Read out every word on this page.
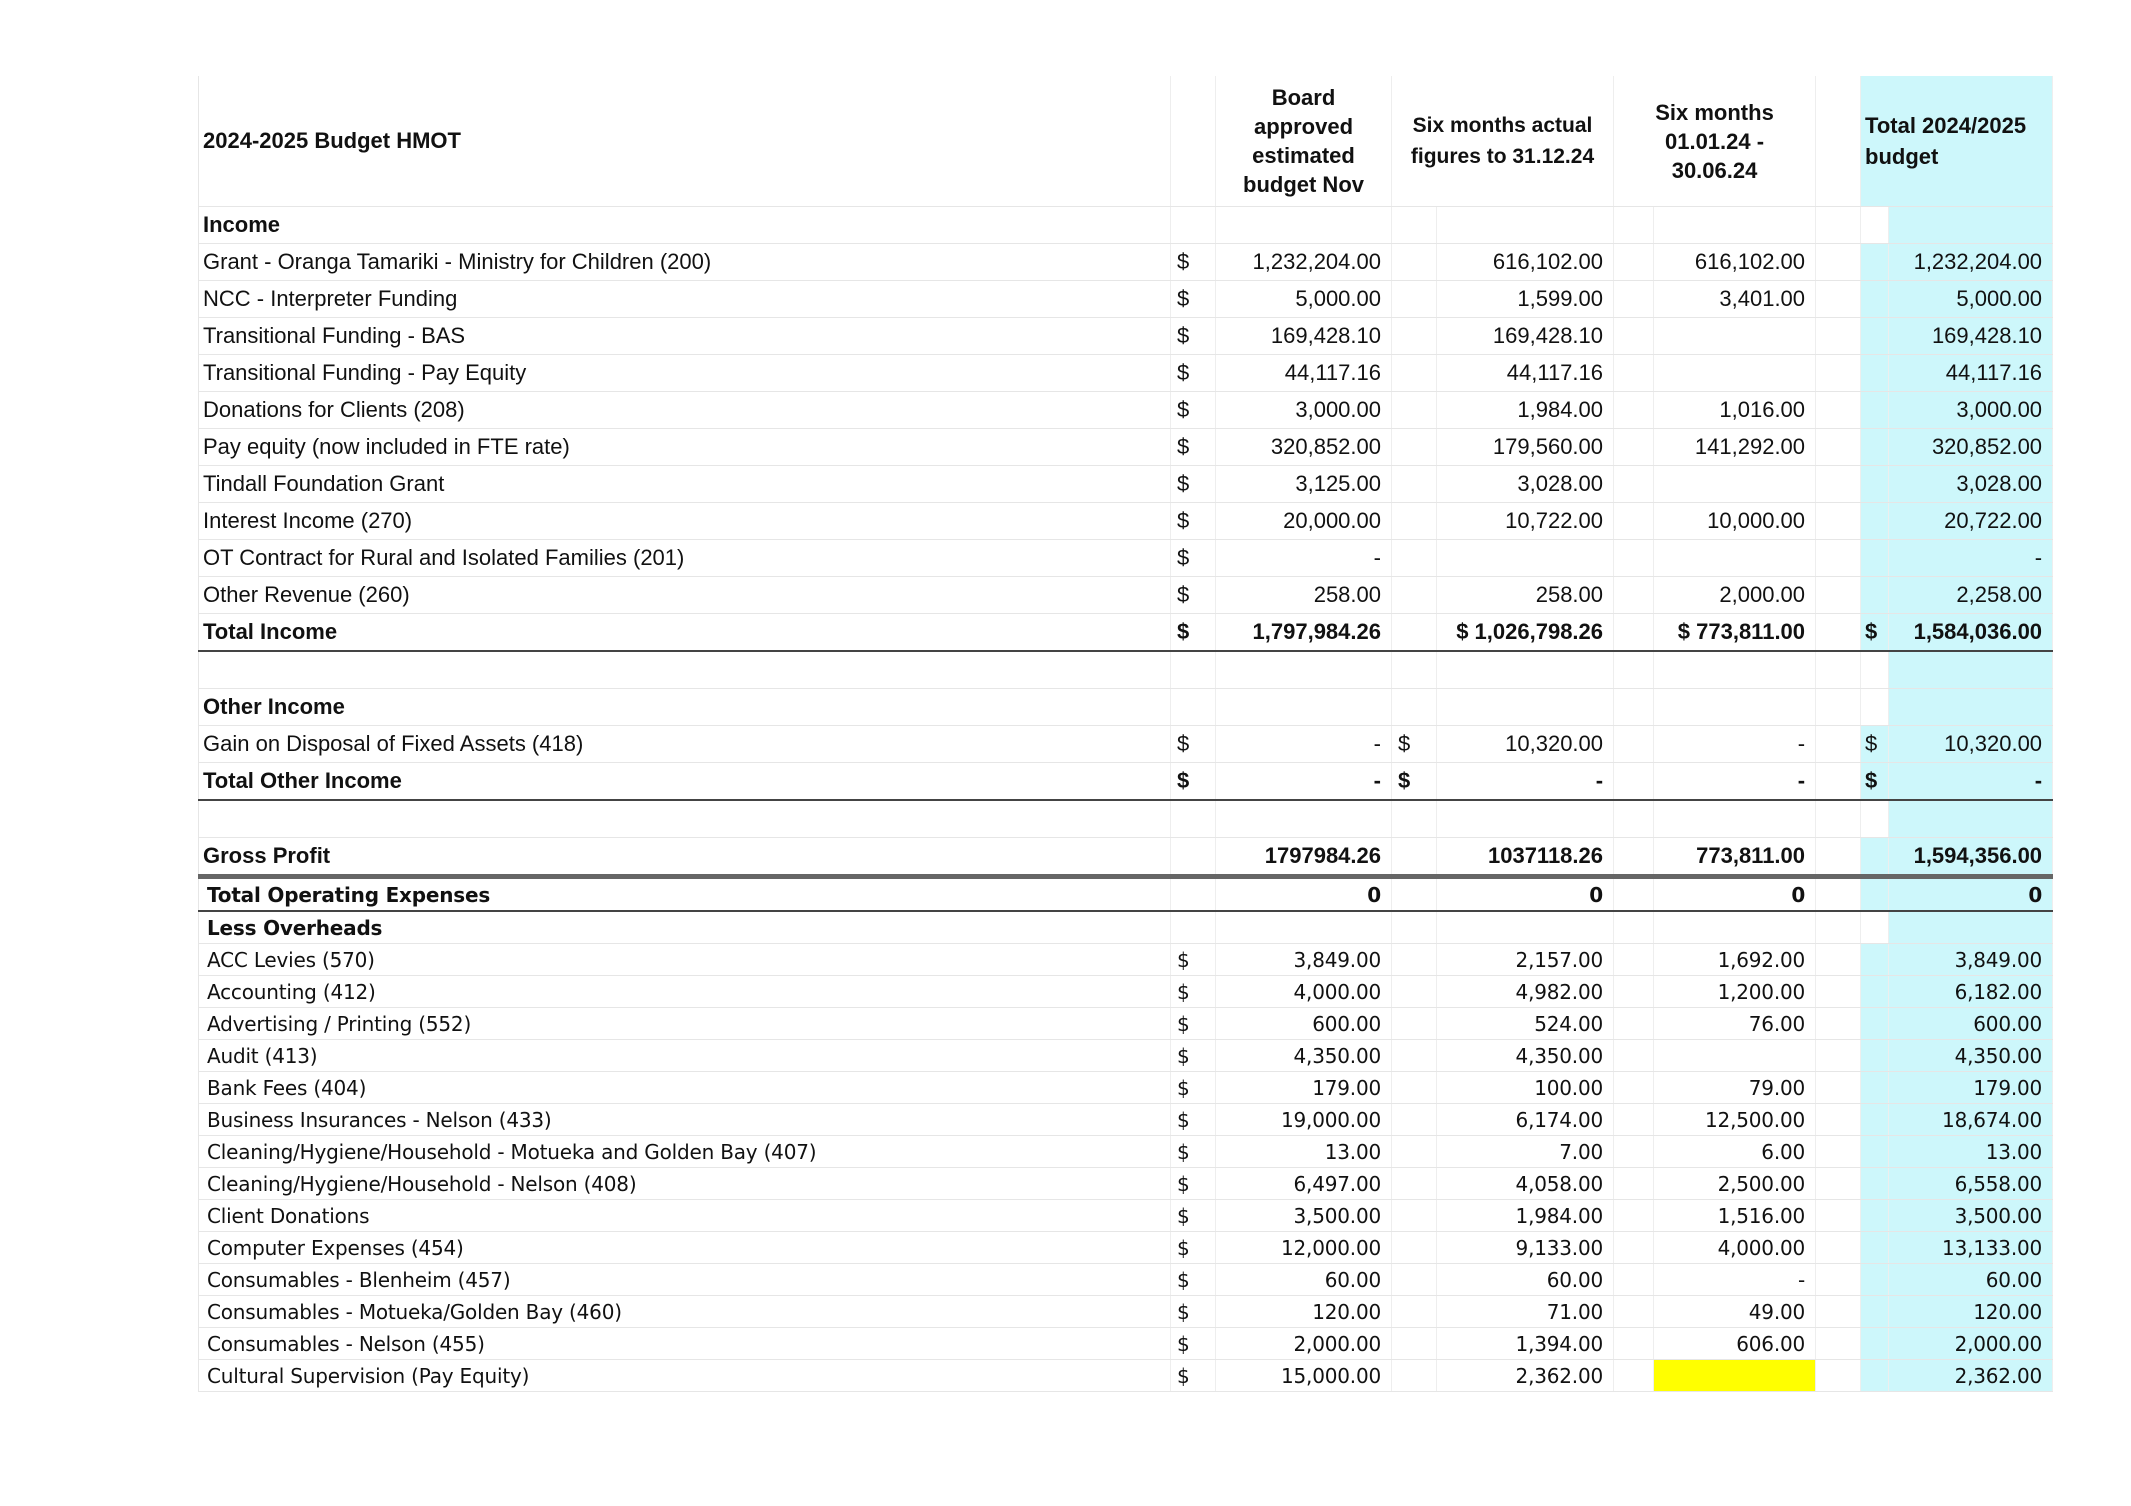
2024-2025 Budget HMOT		Board approved estimated budget Nov	Six months actual figures to 31.12.24		Six months 01.01.24 - 30.06.24			Total 2024/2025 budget	
Income									
Grant - Oranga Tamariki - Ministry for Children (200)	$	1,232,204.00		616,102.00		616,102.00			1,232,204.00
NCC - Interpreter Funding	$	5,000.00		1,599.00		3,401.00			5,000.00
Transitional Funding - BAS	$	169,428.10		169,428.10					169,428.10
Transitional Funding - Pay Equity	$	44,117.16		44,117.16					44,117.16
Donations for Clients (208)	$	3,000.00		1,984.00		1,016.00			3,000.00
Pay equity (now included in FTE rate)	$	320,852.00		179,560.00		141,292.00			320,852.00
Tindall Foundation Grant	$	3,125.00		3,028.00					3,028.00
Interest Income (270)	$	20,000.00		10,722.00		10,000.00			20,722.00
OT Contract for Rural and Isolated Families (201)	$	-							-
Other Revenue (260)	$	258.00		258.00		2,000.00			2,258.00
Total Income	$	1,797,984.26		$ 1,026,798.26		$ 773,811.00		$	1,584,036.00

Other Income									
Gain on Disposal of Fixed Assets (418)	$	-	$	10,320.00		-		$	10,320.00
Total Other Income	$	-	$	-		-		$	-

Gross Profit		1797984.26		1037118.26		773,811.00			1,594,356.00
Total Operating Expenses		0		0		0			0
Less Overheads									
ACC Levies (570)	$	3,849.00		2,157.00		1,692.00			3,849.00
Accounting (412)	$	4,000.00		4,982.00		1,200.00			6,182.00
Advertising / Printing (552)	$	600.00		524.00		76.00			600.00
Audit (413)	$	4,350.00		4,350.00					4,350.00
Bank Fees (404)	$	179.00		100.00		79.00			179.00
Business Insurances - Nelson (433)	$	19,000.00		6,174.00		12,500.00			18,674.00
Cleaning/Hygiene/Household - Motueka and Golden Bay (407)	$	13.00		7.00		6.00			13.00
Cleaning/Hygiene/Household - Nelson (408)	$	6,497.00		4,058.00		2,500.00			6,558.00
Client Donations	$	3,500.00		1,984.00		1,516.00			3,500.00
Computer Expenses (454)	$	12,000.00		9,133.00		4,000.00			13,133.00
Consumables - Blenheim (457)	$	60.00		60.00		-			60.00
Consumables - Motueka/Golden Bay (460)	$	120.00		71.00		49.00			120.00
Consumables - Nelson (455)	$	2,000.00		1,394.00		606.00			2,000.00
Cultural Supervision (Pay Equity)	$	15,000.00		2,362.00					2,362.00
